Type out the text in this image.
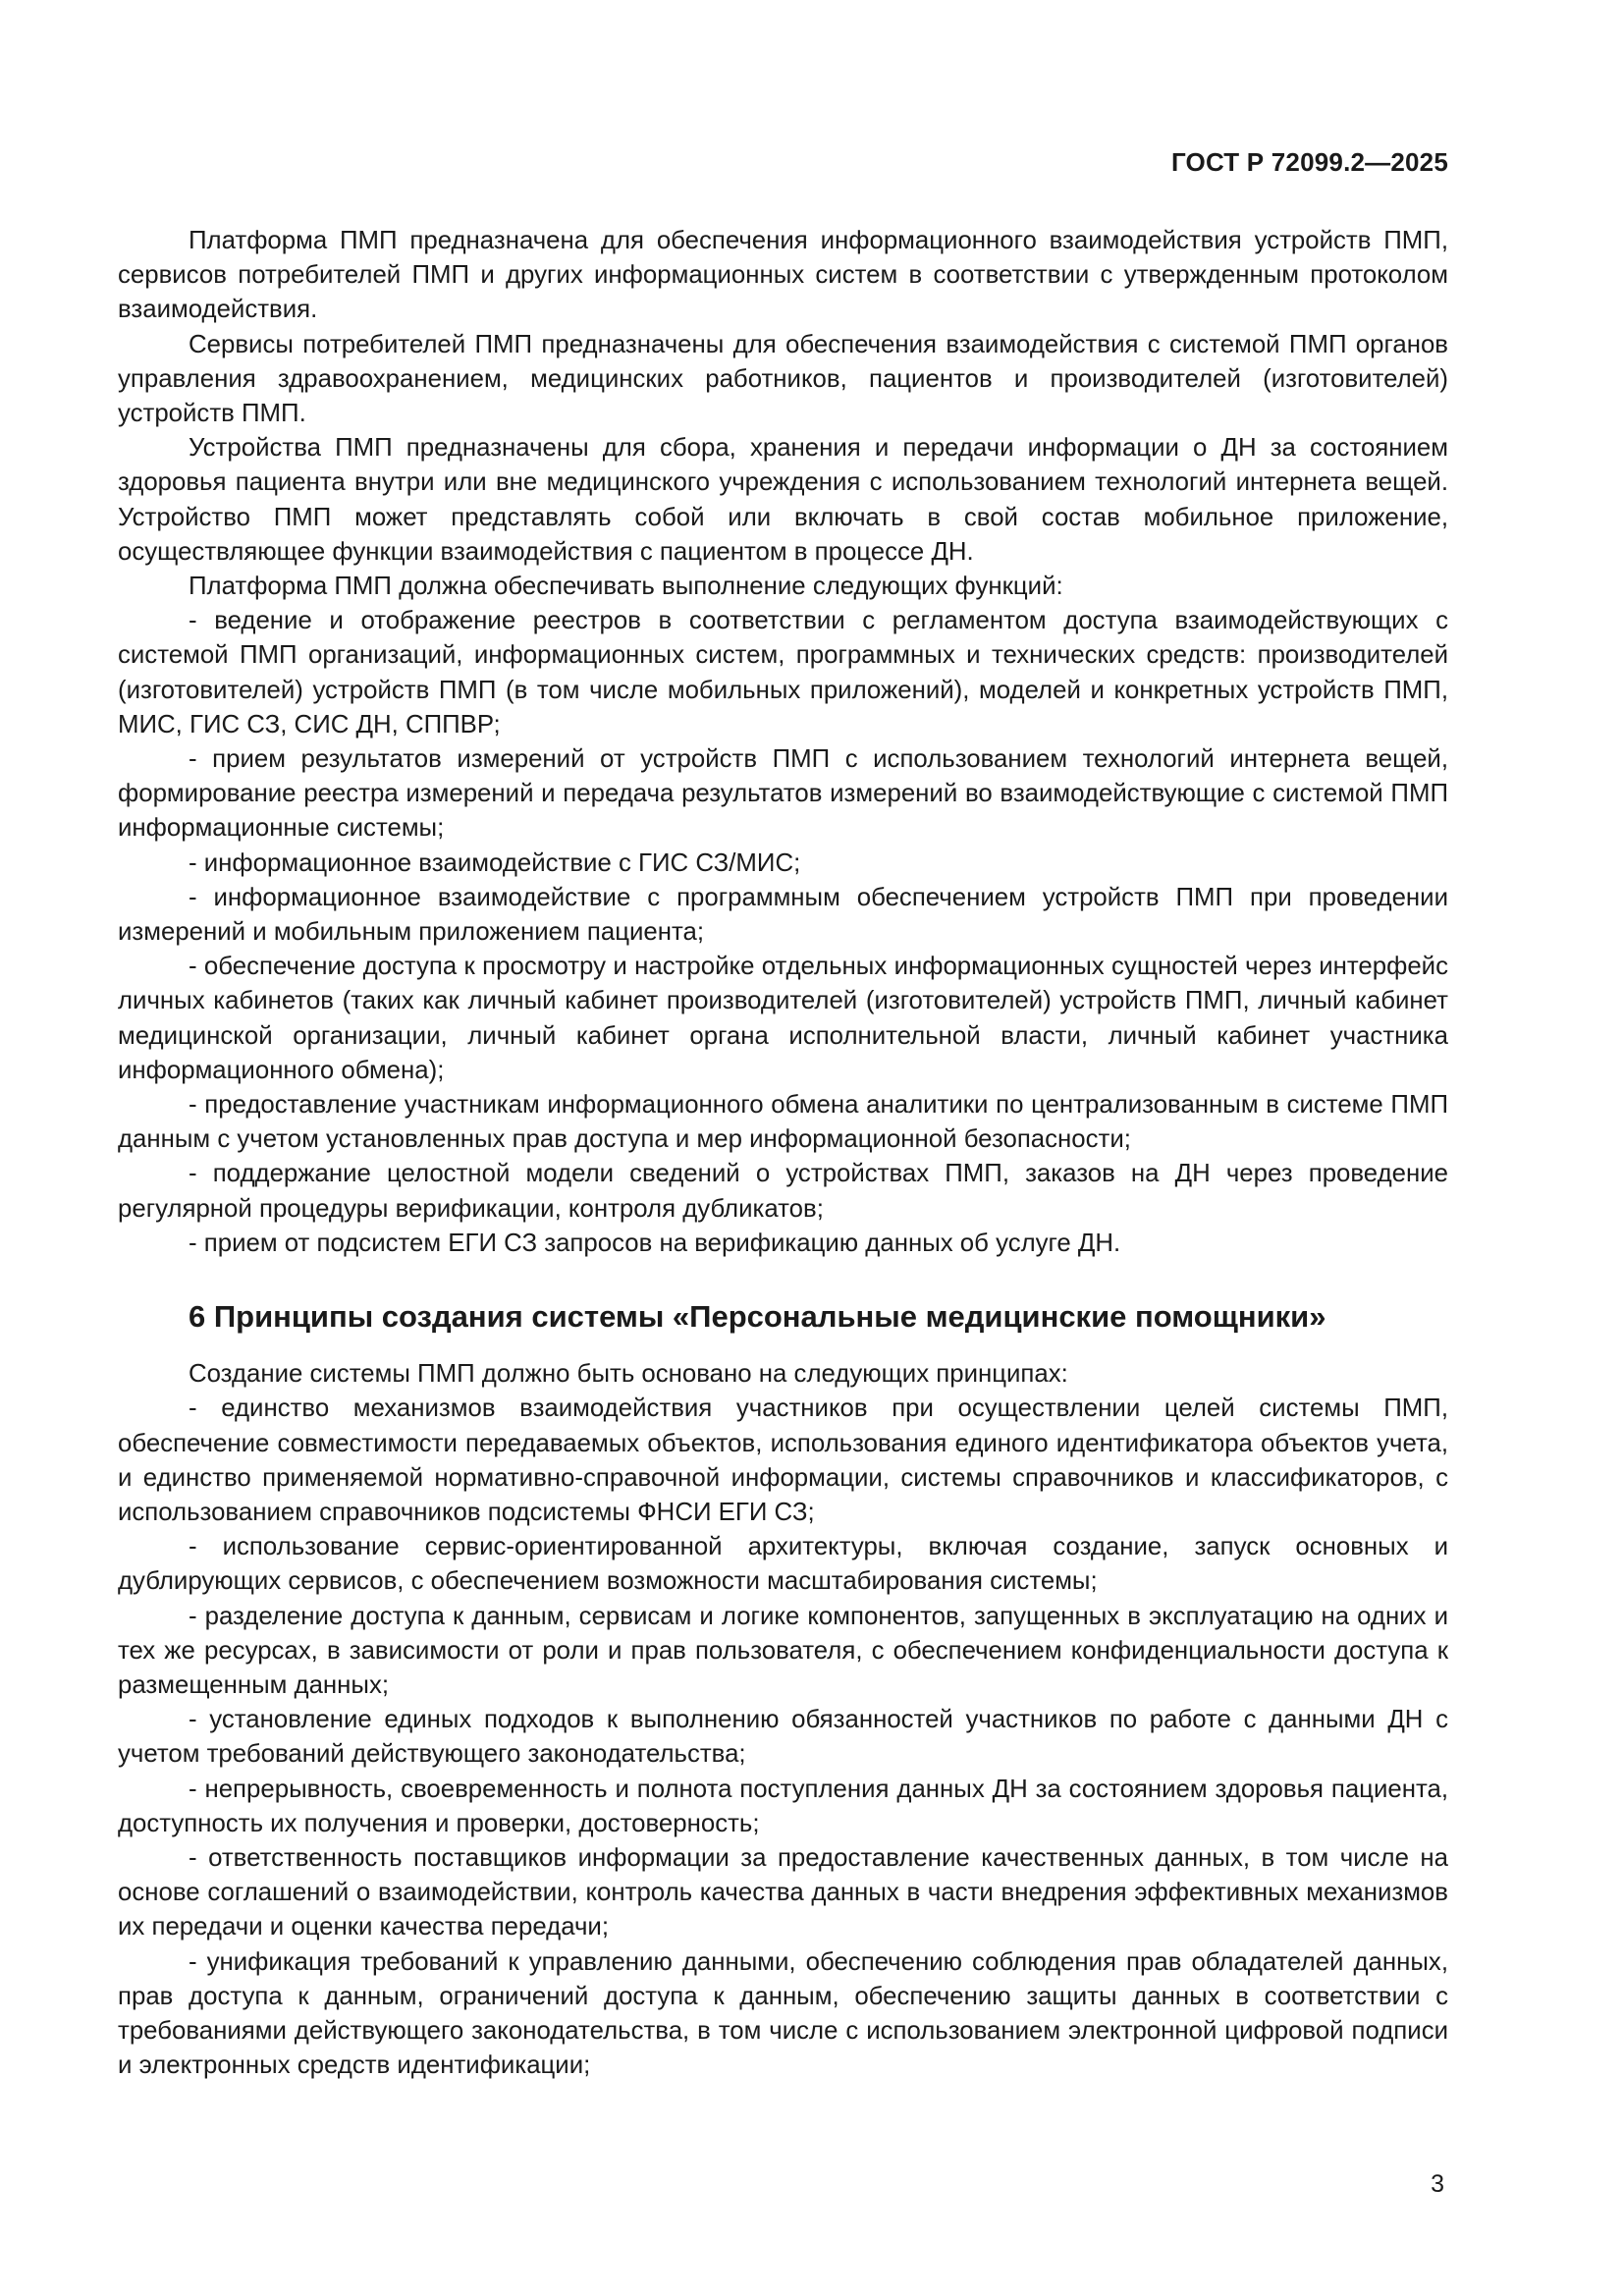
ГОСТ Р 72099.2—2025

Платформа ПМП предназначена для обеспечения информационного взаимодействия устройств ПМП, сервисов потребителей ПМП и других информационных систем в соответствии с утвержденным протоколом взаимодействия.

Сервисы потребителей ПМП предназначены для обеспечения взаимодействия с системой ПМП органов управления здравоохранением, медицинских работников, пациентов и производителей (изготовителей) устройств ПМП.

Устройства ПМП предназначены для сбора, хранения и передачи информации о ДН за состоянием здоровья пациента внутри или вне медицинского учреждения с использованием технологий интернета вещей. Устройство ПМП может представлять собой или включать в свой состав мобильное приложение, осуществляющее функции взаимодействия с пациентом в процессе ДН.

Платформа ПМП должна обеспечивать выполнение следующих функций:

- ведение и отображение реестров в соответствии с регламентом доступа взаимодействующих с системой ПМП организаций, информационных систем, программных и технических средств: производителей (изготовителей) устройств ПМП (в том числе мобильных приложений), моделей и конкретных устройств ПМП, МИС, ГИС СЗ, СИС ДН, СППВР;

- прием результатов измерений от устройств ПМП с использованием технологий интернета вещей, формирование реестра измерений и передача результатов измерений во взаимодействующие с системой ПМП информационные системы;

- информационное взаимодействие с ГИС СЗ/МИС;

- информационное взаимодействие с программным обеспечением устройств ПМП при проведении измерений и мобильным приложением пациента;

- обеспечение доступа к просмотру и настройке отдельных информационных сущностей через интерфейс личных кабинетов (таких как личный кабинет производителей (изготовителей) устройств ПМП, личный кабинет медицинской организации, личный кабинет органа исполнительной власти, личный кабинет участника информационного обмена);

- предоставление участникам информационного обмена аналитики по централизованным в системе ПМП данным с учетом установленных прав доступа и мер информационной безопасности;

- поддержание целостной модели сведений о устройствах ПМП, заказов на ДН через проведение регулярной процедуры верификации, контроля дубликатов;

- прием от подсистем ЕГИ СЗ запросов на верификацию данных об услуге ДН.

6 Принципы создания системы «Персональные медицинские помощники»

Создание системы ПМП должно быть основано на следующих принципах:

- единство механизмов взаимодействия участников при осуществлении целей системы ПМП, обеспечение совместимости передаваемых объектов, использования единого идентификатора объектов учета, и единство применяемой нормативно-справочной информации, системы справочников и классификаторов, с использованием справочников подсистемы ФНСИ ЕГИ СЗ;

- использование сервис-ориентированной архитектуры, включая создание, запуск основных и дублирующих сервисов, с обеспечением возможности масштабирования системы;

- разделение доступа к данным, сервисам и логике компонентов, запущенных в эксплуатацию на одних и тех же ресурсах, в зависимости от роли и прав пользователя, с обеспечением конфиденциальности доступа к размещенным данных;

- установление единых подходов к выполнению обязанностей участников по работе с данными ДН с учетом требований действующего законодательства;

- непрерывность, своевременность и полнота поступления данных ДН за состоянием здоровья пациента, доступность их получения и проверки, достоверность;

- ответственность поставщиков информации за предоставление качественных данных, в том числе на основе соглашений о взаимодействии, контроль качества данных в части внедрения эффективных механизмов их передачи и оценки качества передачи;

- унификация требований к управлению данными, обеспечению соблюдения прав обладателей данных, прав доступа к данным, ограничений доступа к данным, обеспечению защиты данных в соответствии с требованиями действующего законодательства, в том числе с использованием электронной цифровой подписи и электронных средств идентификации;

3
